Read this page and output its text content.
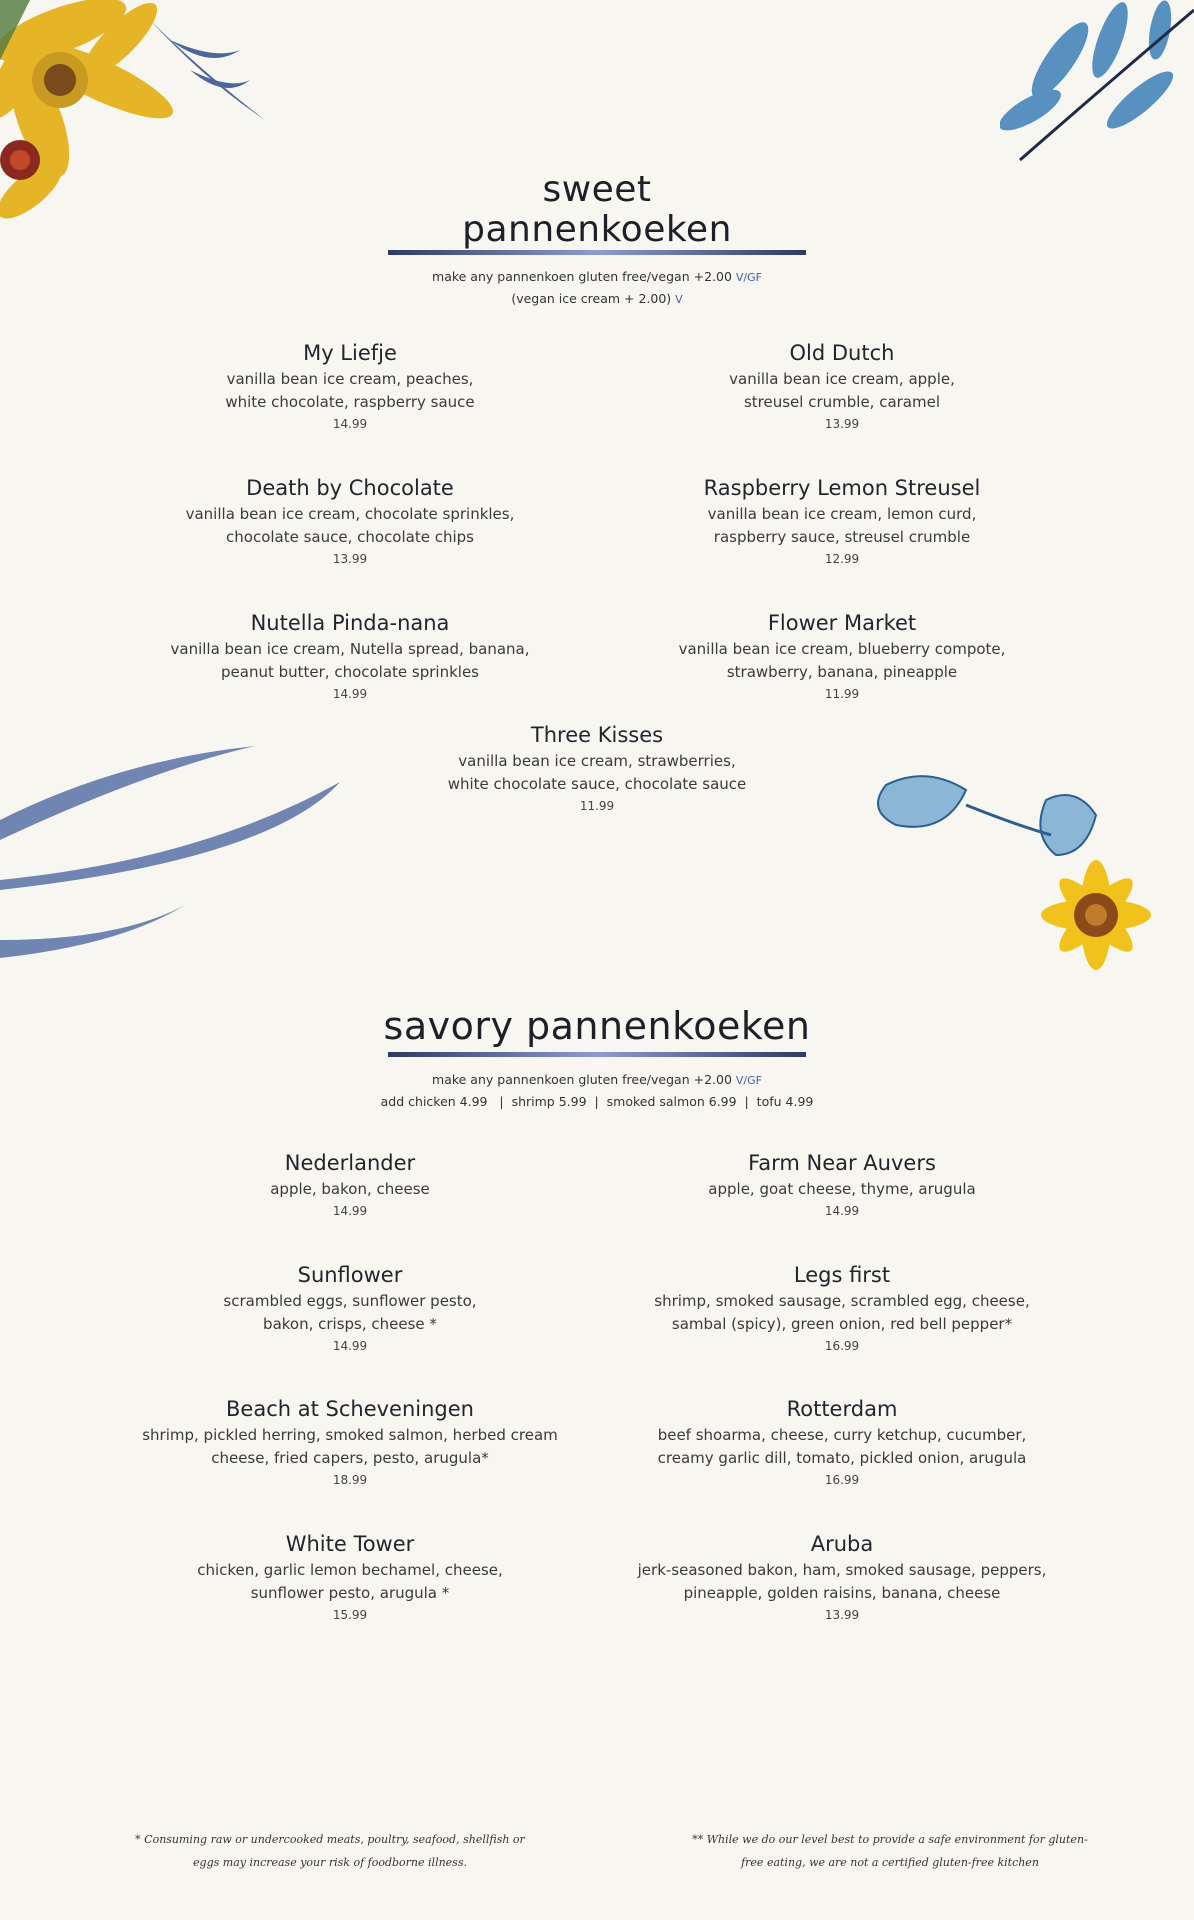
sweet
pannenkoeken
make any pannenkoen gluten free/vegan +2.00 V/GF
(vegan ice cream + 2.00) V
My Liefje

vanilla bean ice cream, peaches,

white chocolate, raspberry sauce

14.99
Old Dutch

vanilla bean ice cream, apple,

streusel crumble, caramel

13.99
Death by Chocolate

vanilla bean ice cream, chocolate sprinkles,

chocolate sauce, chocolate chips

13.99
Raspberry Lemon Streusel

vanilla bean ice cream, lemon curd,

raspberry sauce, streusel crumble

12.99
Nutella Pinda-nana

vanilla bean ice cream, Nutella spread, banana,

peanut butter, chocolate sprinkles

14.99
Flower Market

vanilla bean ice cream, blueberry compote,

strawberry, banana, pineapple

11.99
Three Kisses

vanilla bean ice cream, strawberries,

white chocolate sauce, chocolate sauce

11.99
savory pannenkoeken
make any pannenkoen gluten free/vegan +2.00 V/GF
add chicken 4.99   |  shrimp 5.99  |  smoked salmon 6.99  |  tofu 4.99
Nederlander

apple, bakon, cheese

14.99
Farm Near Auvers

apple, goat cheese, thyme, arugula

14.99
Sunflower

scrambled eggs, sunflower pesto,

bakon, crisps, cheese *

14.99
Legs first

shrimp, smoked sausage, scrambled egg, cheese,

sambal (spicy), green onion, red bell pepper*

16.99
Beach at Scheveningen

shrimp, pickled herring, smoked salmon, herbed cream

cheese, fried capers, pesto, arugula*

18.99
Rotterdam

beef shoarma, cheese, curry ketchup, cucumber,

creamy garlic dill, tomato, pickled onion, arugula

16.99
White Tower

chicken, garlic lemon bechamel, cheese,

sunflower pesto, arugula *

15.99
Aruba

jerk-seasoned bakon, ham, smoked sausage, peppers,

pineapple, golden raisins, banana, cheese

13.99
* Consuming raw or undercooked meats, poultry, seafood, shellfish or
eggs may increase your risk of foodborne illness.
** While we do our level best to provide a safe environment for gluten-
free eating, we are not a certified gluten-free kitchen
